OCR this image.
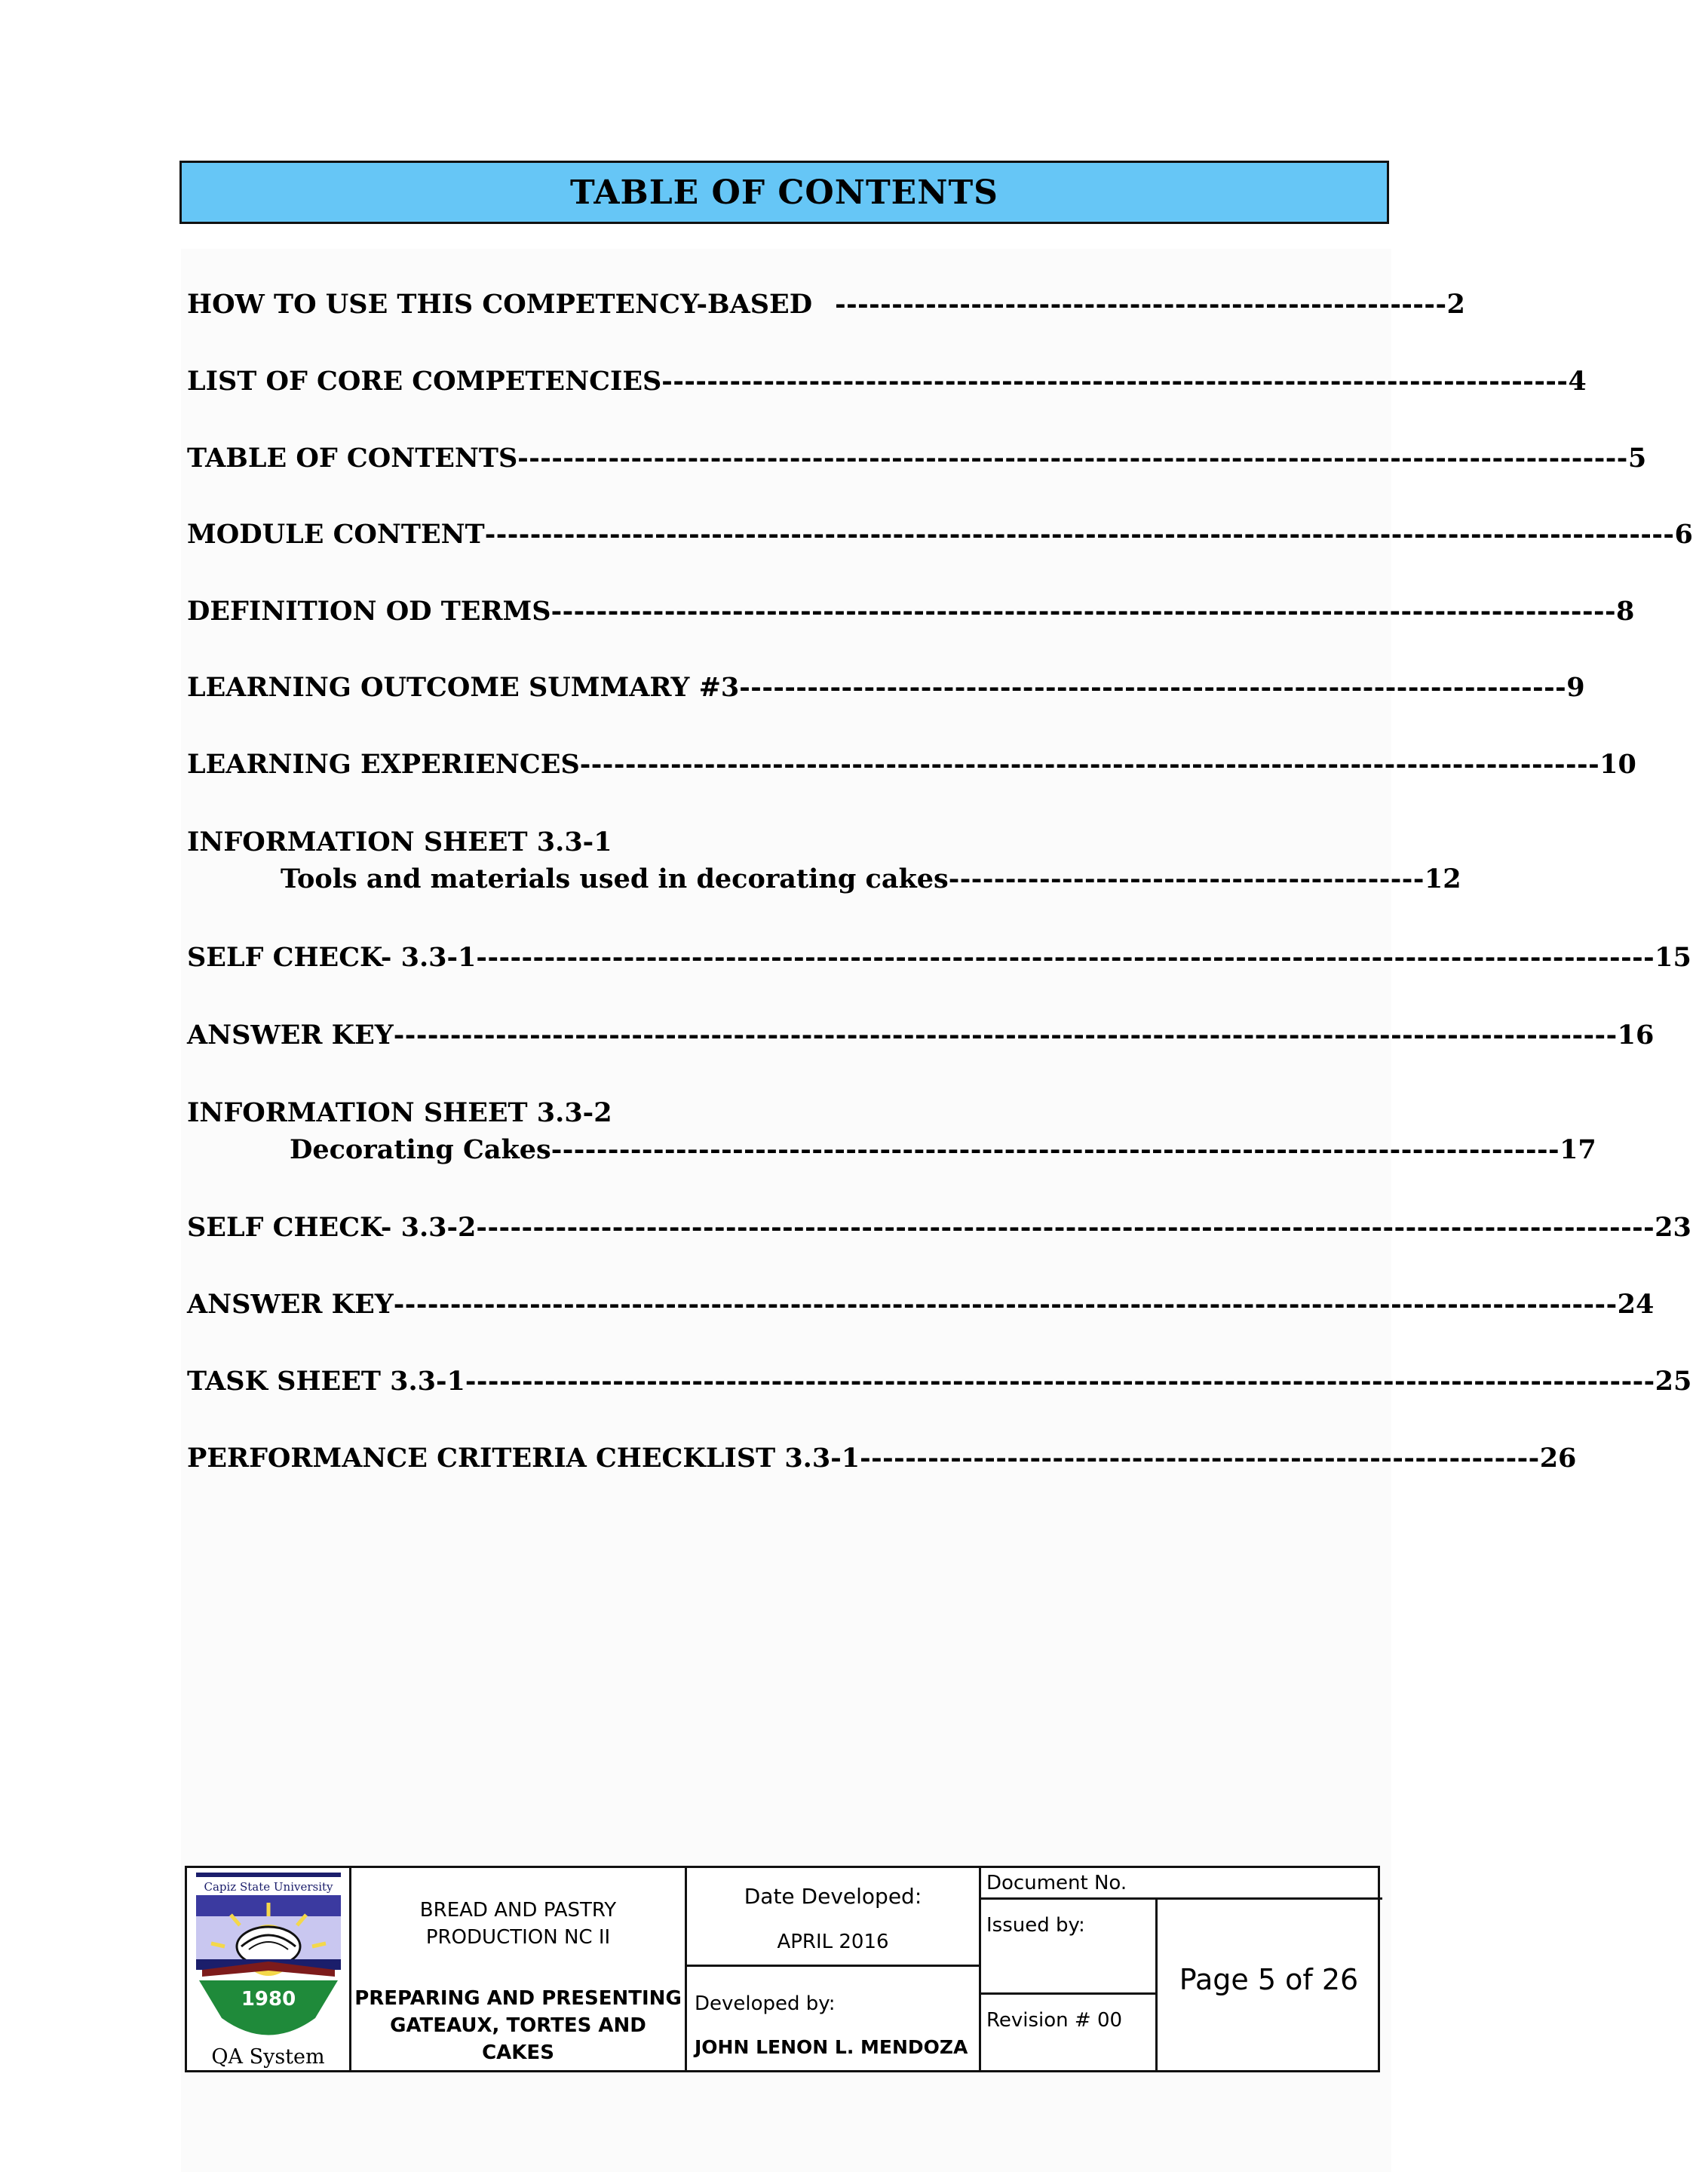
TABLE OF CONTENTS
HOW TO USE THIS COMPETENCY-BASED ------------------------------------------------------ 2
LIST OF CORE COMPETENCIES -------------------------------------------------------------------------------- 4
TABLE OF CONTENTS -------------------------------------------------------------------------------------------------- 5
MODULE CONTENT --------------------------------------------------------------------------------------------------------- 6
DEFINITION OD TERMS ---------------------------------------------------------------------------------------------- 8
LEARNING OUTCOME SUMMARY #3 ------------------------------------------------------------------------- 9
LEARNING EXPERIENCES ------------------------------------------------------------------------------------------ 10
INFORMATION SHEET 3.3-1
Tools and materials used in decorating cakes ------------------------------------------ 12
SELF CHECK- 3.3-1 -------------------------------------------------------------------------------------------------------- 15
ANSWER KEY ------------------------------------------------------------------------------------------------------------ 16
INFORMATION SHEET 3.3-2
Decorating Cakes ----------------------------------------------------------------------------------------- 17
SELF CHECK- 3.3-2 -------------------------------------------------------------------------------------------------------- 23
ANSWER KEY ------------------------------------------------------------------------------------------------------------ 24
TASK SHEET 3.3-1 --------------------------------------------------------------------------------------------------------- 25
PERFORMANCE CRITERIA CHECKLIST 3.3-1 ------------------------------------------------------------ 26
Capiz State University
1980
QA System
BREAD AND PASTRY
PRODUCTION NC II
PREPARING AND PRESENTING
GATEAUX, TORTES AND CAKES
Date Developed:
APRIL 2016
Developed by:
JOHN LENON L. MENDOZA
Document No.
Issued by:
Revision # 00
Page 5 of 26
